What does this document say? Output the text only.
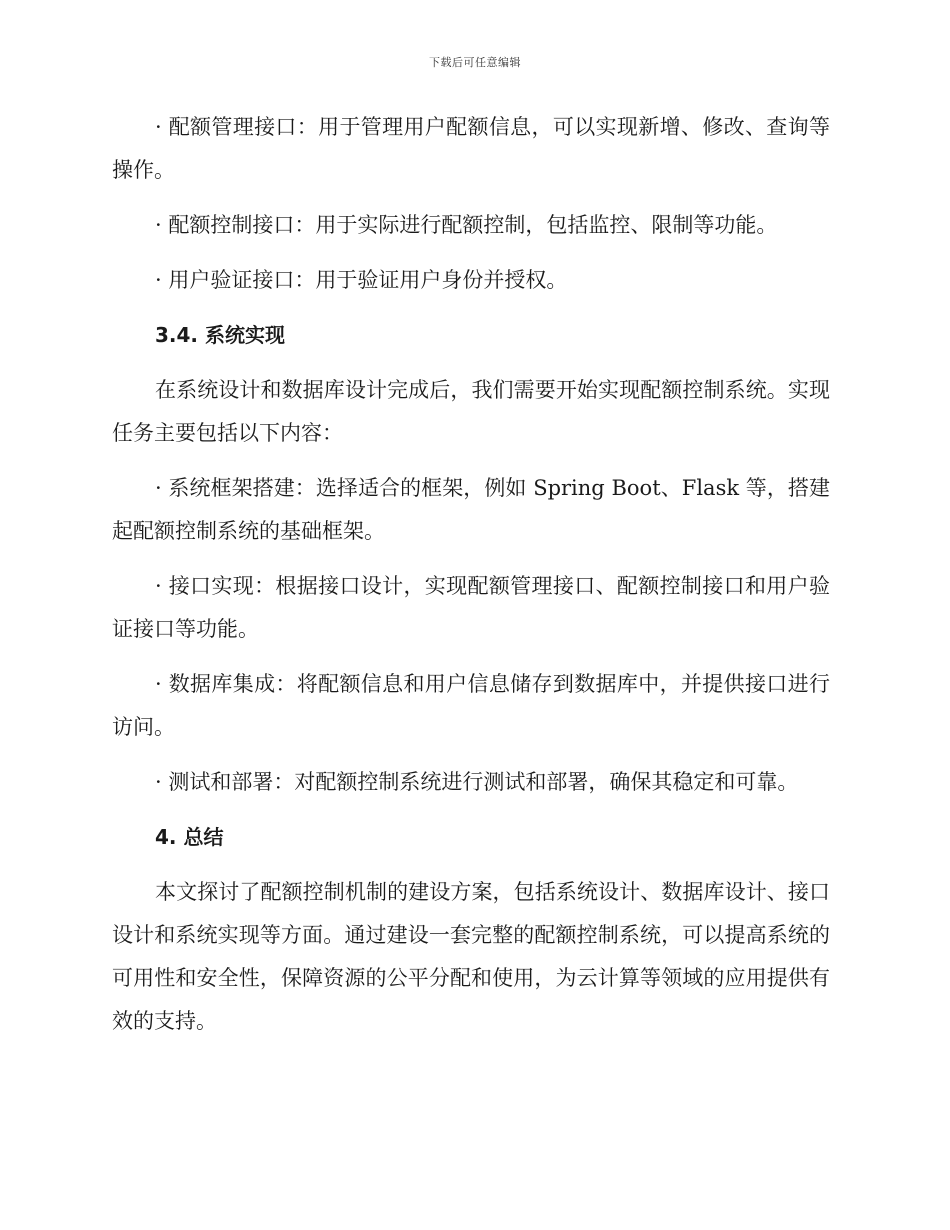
下载后可任意编辑

· 配额管理接口：用于管理用户配额信息，可以实现新增、修改、查询等操作。

· 配额控制接口：用于实际进行配额控制，包括监控、限制等功能。

· 用户验证接口：用于验证用户身份并授权。

3.4. 系统实现

在系统设计和数据库设计完成后，我们需要开始实现配额控制系统。实现任务主要包括以下内容：

· 系统框架搭建：选择适合的框架，例如 Spring Boot、Flask 等，搭建起配额控制系统的基础框架。

· 接口实现：根据接口设计，实现配额管理接口、配额控制接口和用户验证接口等功能。

· 数据库集成：将配额信息和用户信息储存到数据库中，并提供接口进行访问。

· 测试和部署：对配额控制系统进行测试和部署，确保其稳定和可靠。

4. 总结

本文探讨了配额控制机制的建设方案，包括系统设计、数据库设计、接口设计和系统实现等方面。通过建设一套完整的配额控制系统，可以提高系统的可用性和安全性，保障资源的公平分配和使用，为云计算等领域的应用提供有效的支持。
